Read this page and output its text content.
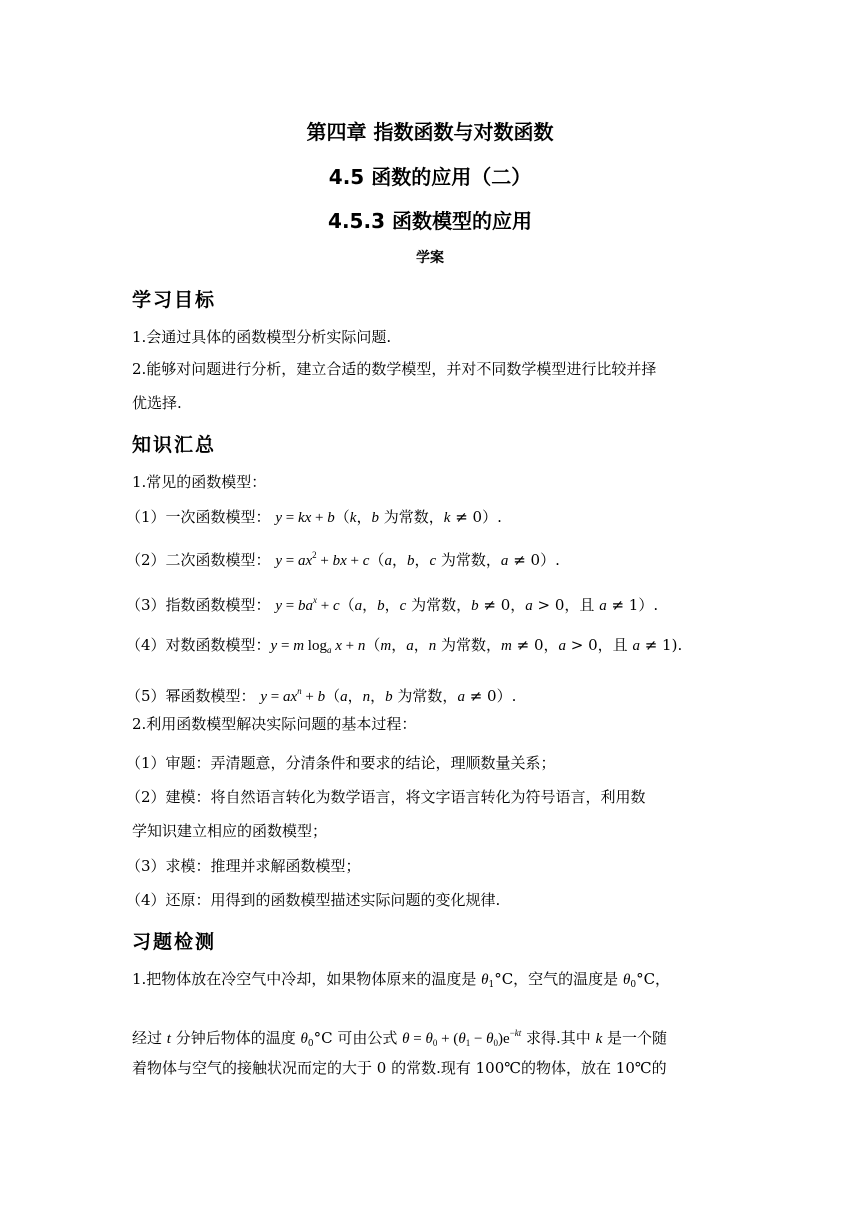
第四章 指数函数与对数函数
4.5 函数的应用（二）
4.5.3 函数模型的应用
学案
学习目标
1.会通过具体的函数模型分析实际问题.
2.能够对问题进行分析，建立合适的数学模型，并对不同数学模型进行比较并择
优选择.
知识汇总
1.常见的函数模型：
（1）一次函数模型： y = kx + b（k，b 为常数，k ≠ 0）.
（2）二次函数模型： $y = ax^2$ + bx + c（a，b，c 为常数，a ≠ 0）.
（3）指数函数模型： $y = ba^x + c(a$，b，c 为常数，b ≠ 0，a > 0，且 a ≠ 1）.
（4）对数函数模型：y = m $\log_a x + n(m$，a，n 为常数，m ≠ 0，a > 0，且 a ≠ 1).
（5）幂函数模型： $y = ax^n + b(a$，n，b 为常数，a ≠ 0）.
2.利用函数模型解决实际问题的基本过程：
（1）审题：弄清题意，分清条件和要求的结论，理顺数量关系；
（2）建模：将自然语言转化为数学语言，将文字语言转化为符号语言，利用数
学知识建立相应的函数模型；
（3）求模：推理并求解函数模型；
（4）还原：用得到的函数模型描述实际问题的变化规律.
习题检测
1.把物体放在冷空气中冷却，如果物体原来的温度是 $\theta_1^\circ C$，空气的温度是 $\theta_0^\circ C$，
经过 t 分钟后物体的温度 $\theta_0^\circ C$ 可由公式 $\theta = \theta_0 + (\theta_1 - \theta_0)e^{-kt}$ 求得.其中 k 是一个随
着物体与空气的接触状况而定的大于 0 的常数.现有 100℃的物体，放在 10℃的
